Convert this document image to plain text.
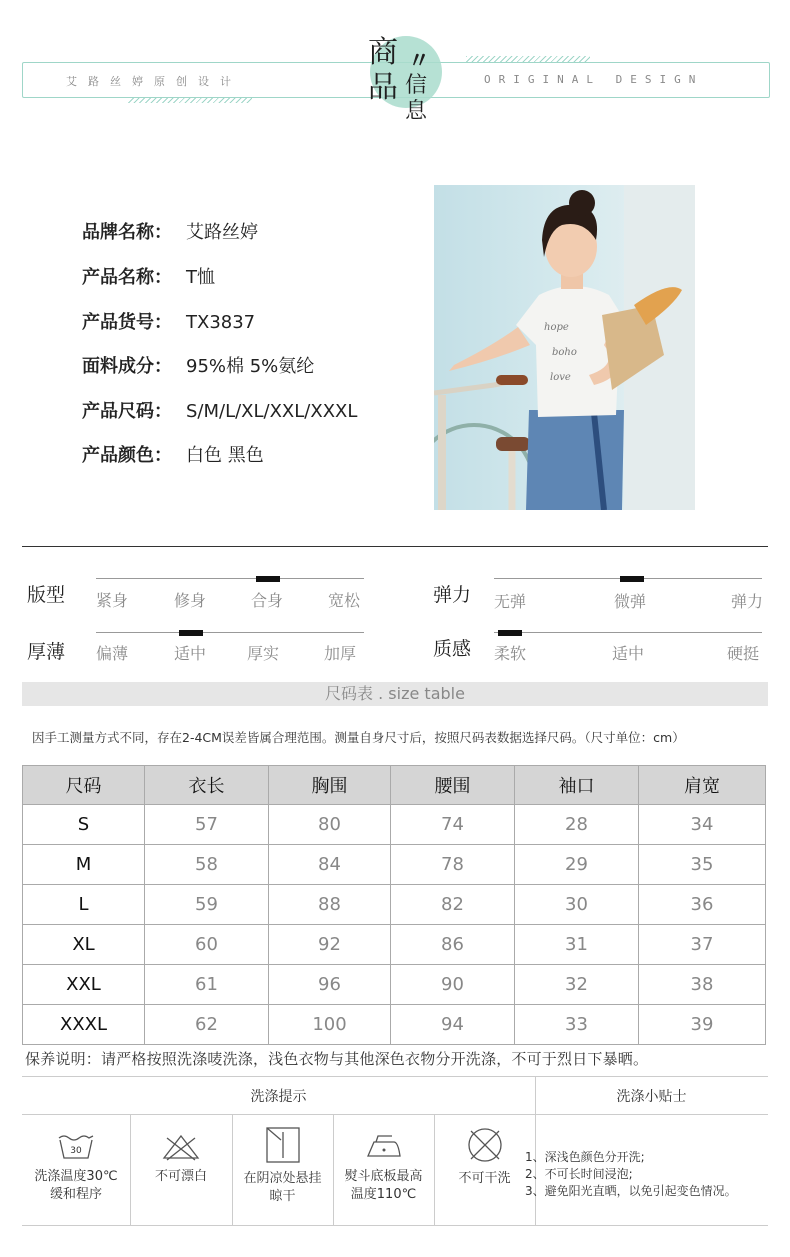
艾路丝婷原创设计	ORIGINAL DESIGN
商
品
〃
信
息
品牌名称： 艾路丝婷
产品名称： T恤
产品货号： TX3837
面料成分： 95%棉 5%氨纶
产品尺码： S/M/L/XL/XXL/XXXL
产品颜色： 白色 黑色
hope
boho
love
版型 紧身	修身	合身	宽松	弹力 无弹	微弹	弹力
厚薄 偏薄	适中	厚实	加厚	质感 柔软	适中	硬挺
尺码表 . size table
因手工测量方式不同，存在2-4CM误差皆属合理范围。测量自身尺寸后，按照尺码表数据选择尺码。（尺寸单位：cm）
尺码	衣长	胸围	腰围	袖口	肩宽
S	57	80	74	28	34
M	58	84	78	29	35
L	59	88	82	30	36
XL	60	92	86	31	37
XXL	61	96	90	32	38
XXXL	62	100	94	33	39
保养说明：请严格按照洗涤唛洗涤，浅色衣物与其他深色衣物分开洗涤，不可于烈日下暴晒。
洗涤提示	洗涤小贴士
30
洗涤温度30℃
缓和程序
不可漂白	在阴凉处悬挂
晾干
熨斗底板最高
温度110℃
不可干洗
1、深浅色颜色分开洗;
2、不可长时间浸泡;
3、避免阳光直晒，以免引起变色情况。
